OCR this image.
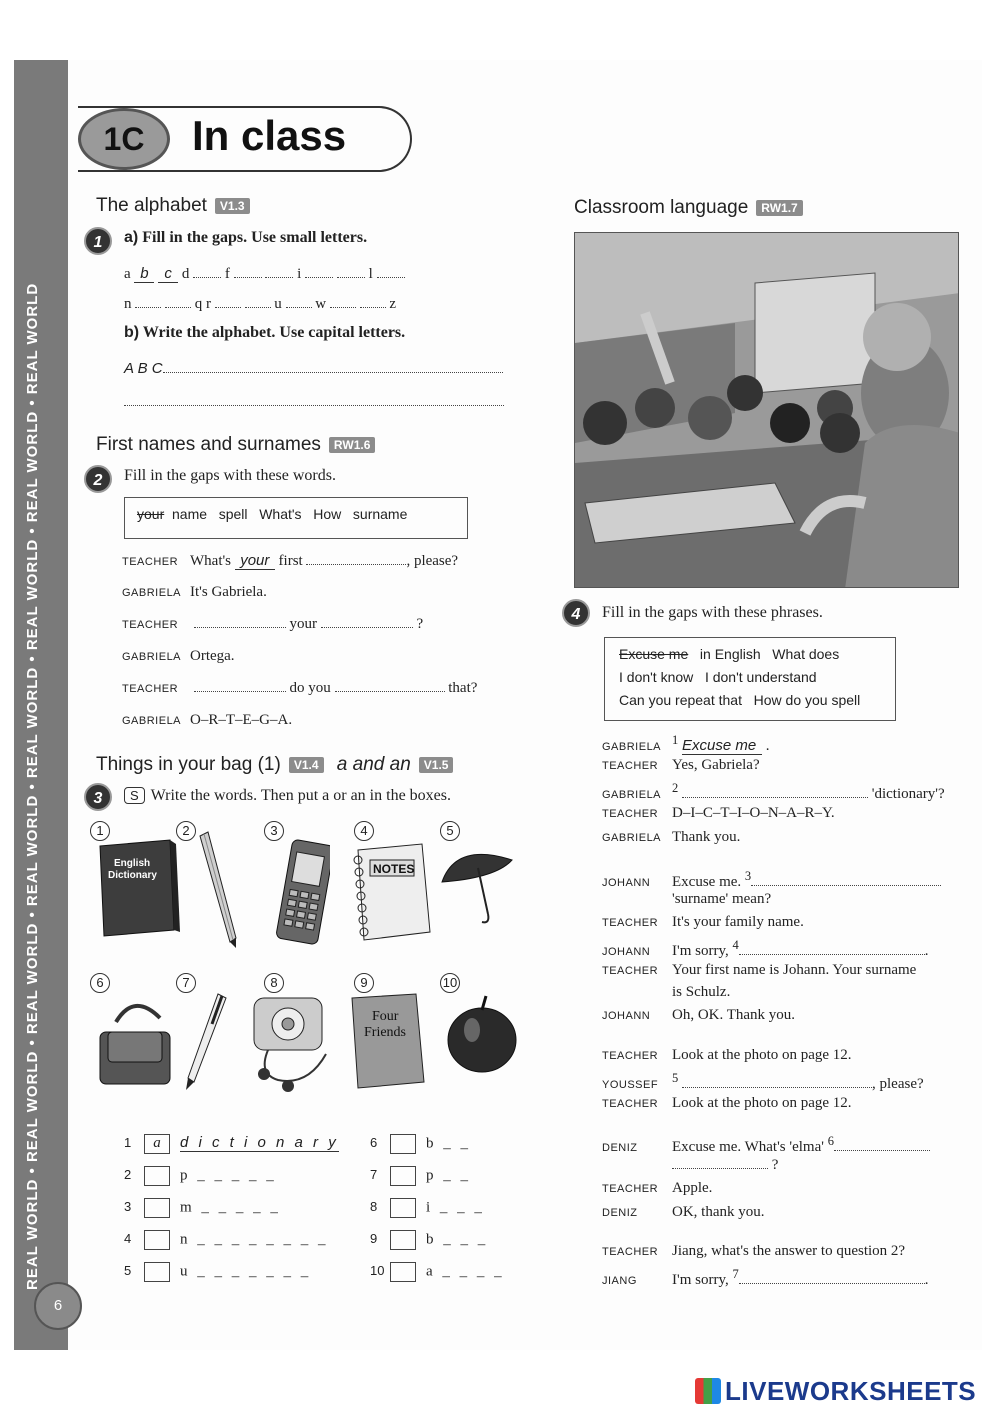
REAL WORLD • REAL WORLD • REAL WORLD • REAL WORLD • REAL WORLD • REAL WORLD • REAL WORLD • REAL WORLD
6
1C	In class
The alphabet V1.3
1	a) Fill in the gaps. Use small letters.
a b c d f	i	l
n	q r	u w	z
b) Write the alphabet. Use capital letters.
A B C
First names and surnames RW1.6
2	Fill in the gaps with these words.
your name spell What's How surname
TEACHER What's your first	, please?
GABRIELA It's Gabriela.
TEACHER	your	?
GABRIELA Ortega.
TEACHER	do you	that?
GABRIELA O–R–T–E–G–A.
Things in your bag (1) V1.4 a and an V1.5
3	S Write the words. Then put a or an in the boxes.
1	2	3	4	5
English
Dictionary	NOTES
6	7	8	9	10
Four
Friends
1 a d i c t i o n a r y
2	p _ _ _ _ _
3	m _ _ _ _ _
4	n _ _ _ _ _ _ _ _
5	u _ _ _ _ _ _ _
6	b _ _
7	p _ _
8	i _ _ _
9	b _ _ _
10	a _ _ _ _
Classroom language RW1.7
4	Fill in the gaps with these phrases.
Excuse me in English What does
I don't know I don't understand
Can you repeat that How do you spell
GABRIELA $^1$ Excuse me .
TEACHER Yes, Gabriela?
GABRIELA $^2$	'dictionary'?
TEACHER D–I–C–T–I–O–N–A–R–Y.
GABRIELA Thank you.
JOHANN Excuse me. $^3$
'surname' mean?
TEACHER It's your family name.
JOHANN I'm sorry, $^4$	.
TEACHER Your first name is Johann. Your surname
is Schulz.
JOHANN Oh, OK. Thank you.
TEACHER Look at the photo on page 12.
YOUSSEF $^5$	, please?
TEACHER Look at the photo on page 12.
DENIZ Excuse me. What's 'elma' $^6$
?
TEACHER Apple.
DENIZ OK, thank you.
TEACHER Jiang, what's the answer to question 2?
JIANG I'm sorry, $^7$	.
LIVEWORKSHEETS
